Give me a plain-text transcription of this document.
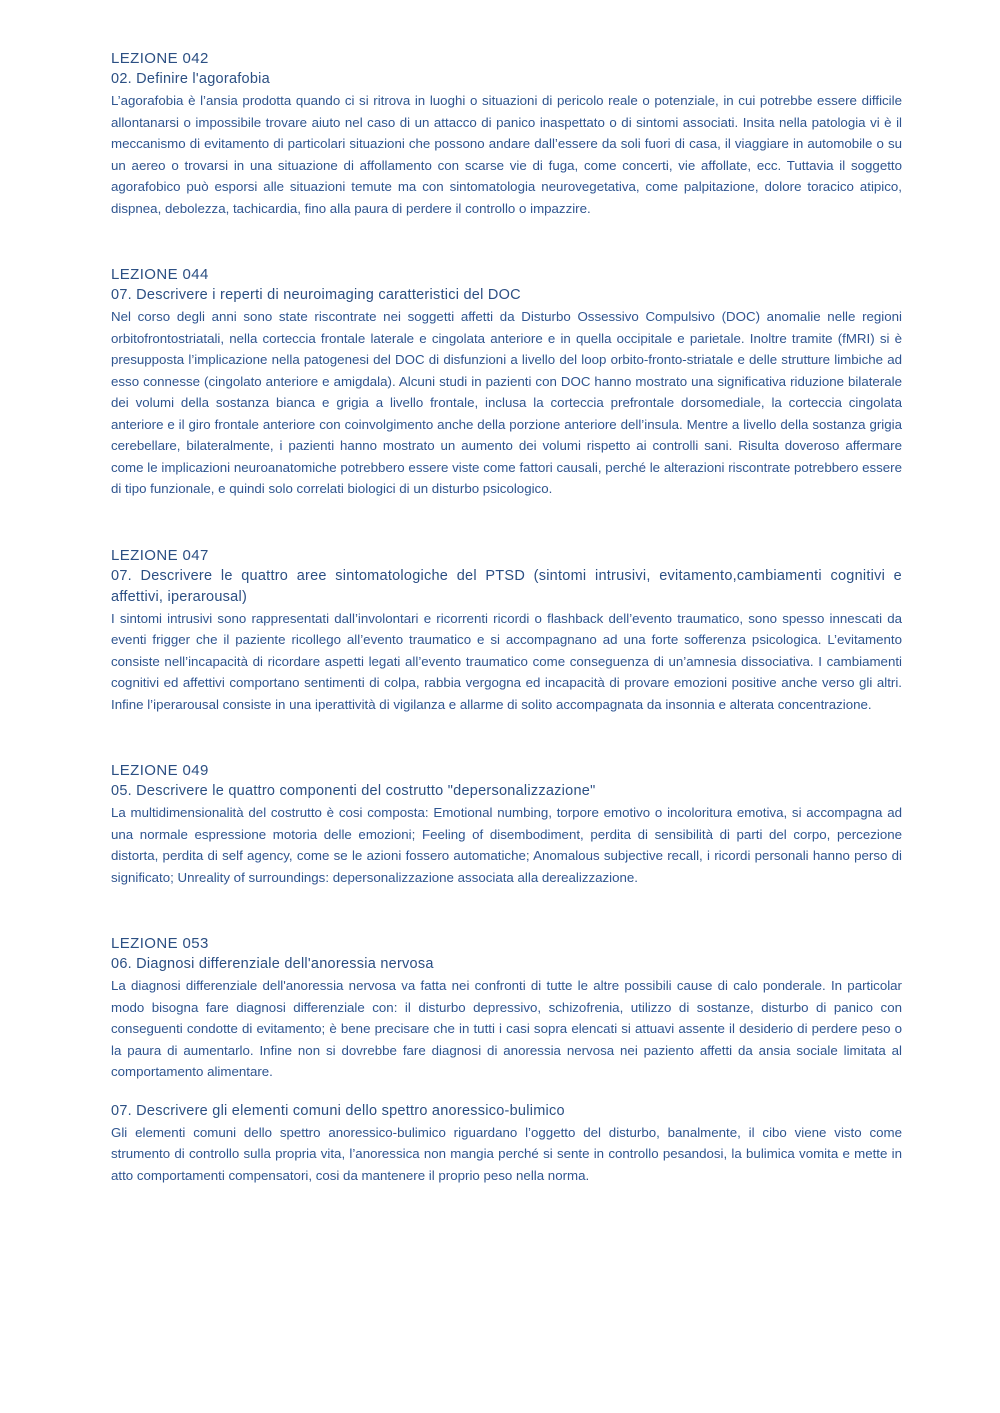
LEZIONE 042
02. Definire l'agorafobia
L’agorafobia è l’ansia prodotta quando ci si ritrova in luoghi o situazioni di pericolo reale o potenziale, in cui potrebbe essere difficile allontanarsi o impossibile trovare aiuto nel caso di un attacco di panico inaspettato o di sintomi associati. Insita nella patologia vi è il meccanismo di evitamento di particolari situazioni che possono andare dall’essere da soli fuori di casa, il viaggiare in automobile o su un aereo o trovarsi in una situazione di affollamento con scarse vie di fuga, come concerti, vie affollate, ecc. Tuttavia il soggetto agorafobico può esporsi alle situazioni temute ma con sintomatologia neurovegetativa, come palpitazione, dolore toracico atipico, dispnea, debolezza, tachicardia, fino alla paura di perdere il controllo o impazzire.
LEZIONE 044
07. Descrivere i reperti di neuroimaging caratteristici del DOC
Nel corso degli anni sono state riscontrate nei soggetti affetti da Disturbo Ossessivo Compulsivo (DOC) anomalie nelle regioni orbitofrontostriatali, nella corteccia frontale laterale e cingolata anteriore e in quella occipitale e parietale. Inoltre tramite (fMRI) si è presupposta l’implicazione nella patogenesi del DOC di disfunzioni a livello del loop orbito-fronto-striatale e delle strutture limbiche ad esso connesse (cingolato anteriore e amigdala). Alcuni studi in pazienti con DOC hanno mostrato una significativa riduzione bilaterale dei volumi della sostanza bianca e grigia a livello frontale, inclusa la corteccia prefrontale dorsomediale, la corteccia cingolata anteriore e il giro frontale anteriore con coinvolgimento anche della porzione anteriore dell’insula. Mentre a livello della sostanza grigia cerebellare, bilateralmente, i pazienti hanno mostrato un aumento dei volumi rispetto ai controlli sani. Risulta doveroso affermare come le implicazioni neuroanatomiche potrebbero essere viste come fattori causali, perché le alterazioni riscontrate potrebbero essere di tipo funzionale, e quindi solo correlati biologici di un disturbo psicologico.
LEZIONE 047
07. Descrivere le quattro aree sintomatologiche del PTSD (sintomi intrusivi, evitamento,cambiamenti cognitivi e affettivi, iperarousal)
I sintomi intrusivi sono rappresentati dall’involontari e ricorrenti ricordi o flashback dell’evento traumatico, sono spesso innescati da eventi frigger che il paziente ricollego all’evento traumatico e si accompagnano ad una forte sofferenza psicologica. L’evitamento consiste nell’incapacità di ricordare aspetti legati all’evento traumatico come conseguenza di un’amnesia dissociativa. I cambiamenti cognitivi ed affettivi comportano sentimenti di colpa, rabbia vergogna ed incapacità di provare emozioni positive anche verso gli altri. Infine l’iperarousal consiste in una iperattività di vigilanza e allarme di solito accompagnata da insonnia e alterata concentrazione.
LEZIONE 049
05. Descrivere le quattro componenti del costrutto "depersonalizzazione"
La multidimensionalità del costrutto è cosi composta: Emotional numbing, torpore emotivo o incoloritura emotiva, si accompagna ad una normale espressione motoria delle emozioni; Feeling of disembodiment, perdita di sensibilità di parti del corpo, percezione distorta, perdita di self agency, come se le azioni fossero automatiche; Anomalous subjective recall, i ricordi personali hanno perso di significato; Unreality of surroundings: depersonalizzazione associata alla derealizzazione.
LEZIONE 053
06. Diagnosi differenziale dell'anoressia nervosa
La diagnosi differenziale dell'anoressia nervosa va fatta nei confronti di tutte le altre possibili cause di calo ponderale. In particolar modo bisogna fare diagnosi differenziale con: il disturbo depressivo, schizofrenia, utilizzo di sostanze, disturbo di panico con conseguenti condotte di evitamento; è bene precisare che in tutti i casi sopra elencati si attuavi assente il desiderio di perdere peso o la paura di aumentarlo. Infine non si dovrebbe fare diagnosi di anoressia nervosa nei paziento affetti da ansia sociale limitata al comportamento alimentare.
07. Descrivere gli elementi comuni dello spettro anoressico-bulimico
Gli elementi comuni dello spettro anoressico-bulimico riguardano l’oggetto del disturbo, banalmente, il cibo viene visto come strumento di controllo sulla propria vita, l’anoressica non mangia perché si sente in controllo pesandosi, la bulimica vomita e mette in atto comportamenti compensatori, cosi da mantenere il proprio peso nella norma.
